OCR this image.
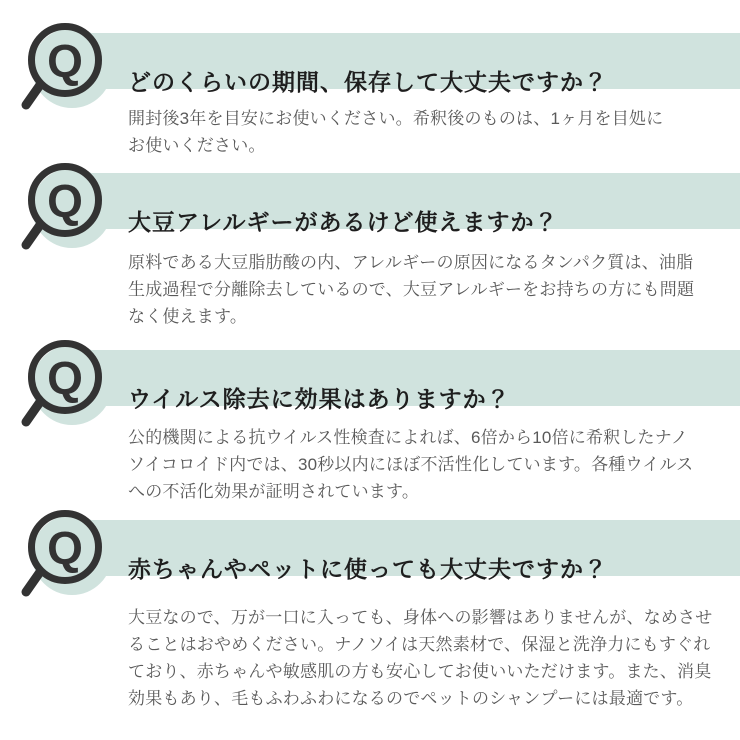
Q どのくらいの期間、保存して大丈夫ですか？
開封後3年を目安にお使いください。希釈後のものは、1ヶ月を目処に
お使いください。
Q 大豆アレルギーがあるけど使えますか？
原料である大豆脂肪酸の内、アレルギーの原因になるタンパク質は、油脂
生成過程で分離除去しているので、大豆アレルギーをお持ちの方にも問題
なく使えます。
Q ウイルス除去に効果はありますか？
公的機関による抗ウイルス性検査によれば、6倍から10倍に希釈したナノ
ソイコロイド内では、30秒以内にほぼ不活性化しています。各種ウイルス
への不活化効果が証明されています。
Q 赤ちゃんやペットに使っても大丈夫ですか？
大豆なので、万が一口に入っても、身体への影響はありませんが、なめさせ
ることはおやめください。ナノソイは天然素材で、保湿と洗浄力にもすぐれ
ており、赤ちゃんや敏感肌の方も安心してお使いいただけます。また、消臭
効果もあり、毛もふわふわになるのでペットのシャンプーには最適です。
